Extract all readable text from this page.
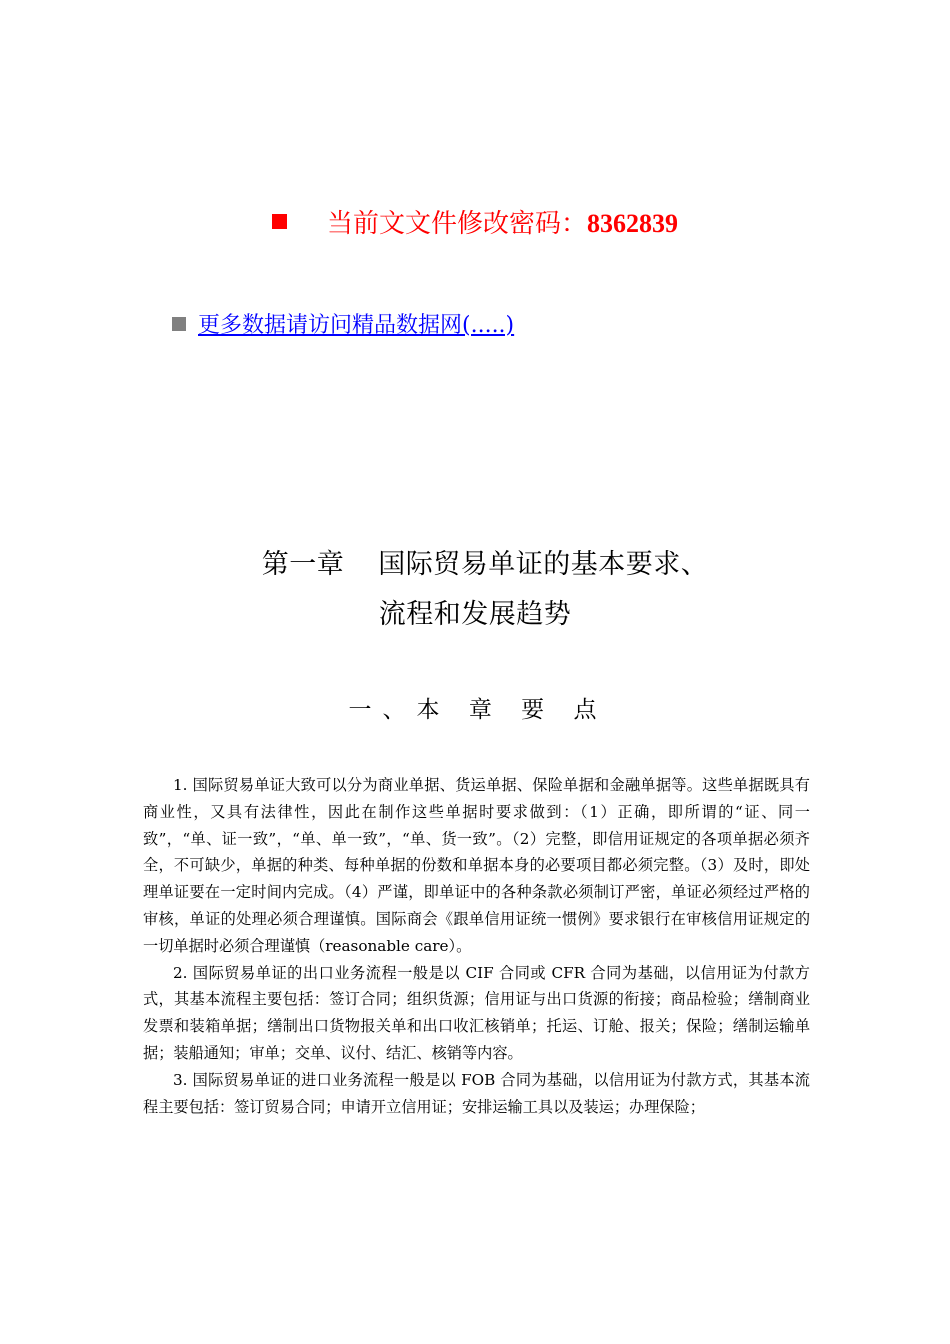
当前文文件修改密码：8362839
更多数据请访问精品数据网(.....)
第一章 国际贸易单证的基本要求、
流程和发展趋势
一、本 章 要 点

1. 国际贸易单证大致可以分为商业单据、货运单据、保险单据和金融单据等。这些单据既具有商业性，又具有法律性，因此在制作这些单据时要求做到：（1）正确，即所谓的“证、同一致”，“单、证一致”，“单、单一致”，“单、货一致”。（2）完整，即信用证规定的各项单据必须齐全，不可缺少，单据的种类、每种单据的份数和单据本身的必要项目都必须完整。（3）及时，即处理单证要在一定时间内完成。（4）严谨，即单证中的各种条款必须制订严密，单证必须经过严格的审核，单证的处理必须合理谨慎。国际商会《跟单信用证统一惯例》要求银行在审核信用证规定的一切单据时必须合理谨慎（reasonable care）。

2. 国际贸易单证的出口业务流程一般是以 CIF 合同或 CFR 合同为基础，以信用证为付款方式，其基本流程主要包括：签订合同；组织货源；信用证与出口货源的衔接；商品检验；缮制商业发票和装箱单据；缮制出口货物报关单和出口收汇核销单；托运、订舱、报关；保险；缮制运输单据；装船通知；审单；交单、议付、结汇、核销等内容。

3. 国际贸易单证的进口业务流程一般是以 FOB 合同为基础，以信用证为付款方式，其基本流程主要包括：签订贸易合同；申请开立信用证；安排运输工具以及装运；办理保险；
